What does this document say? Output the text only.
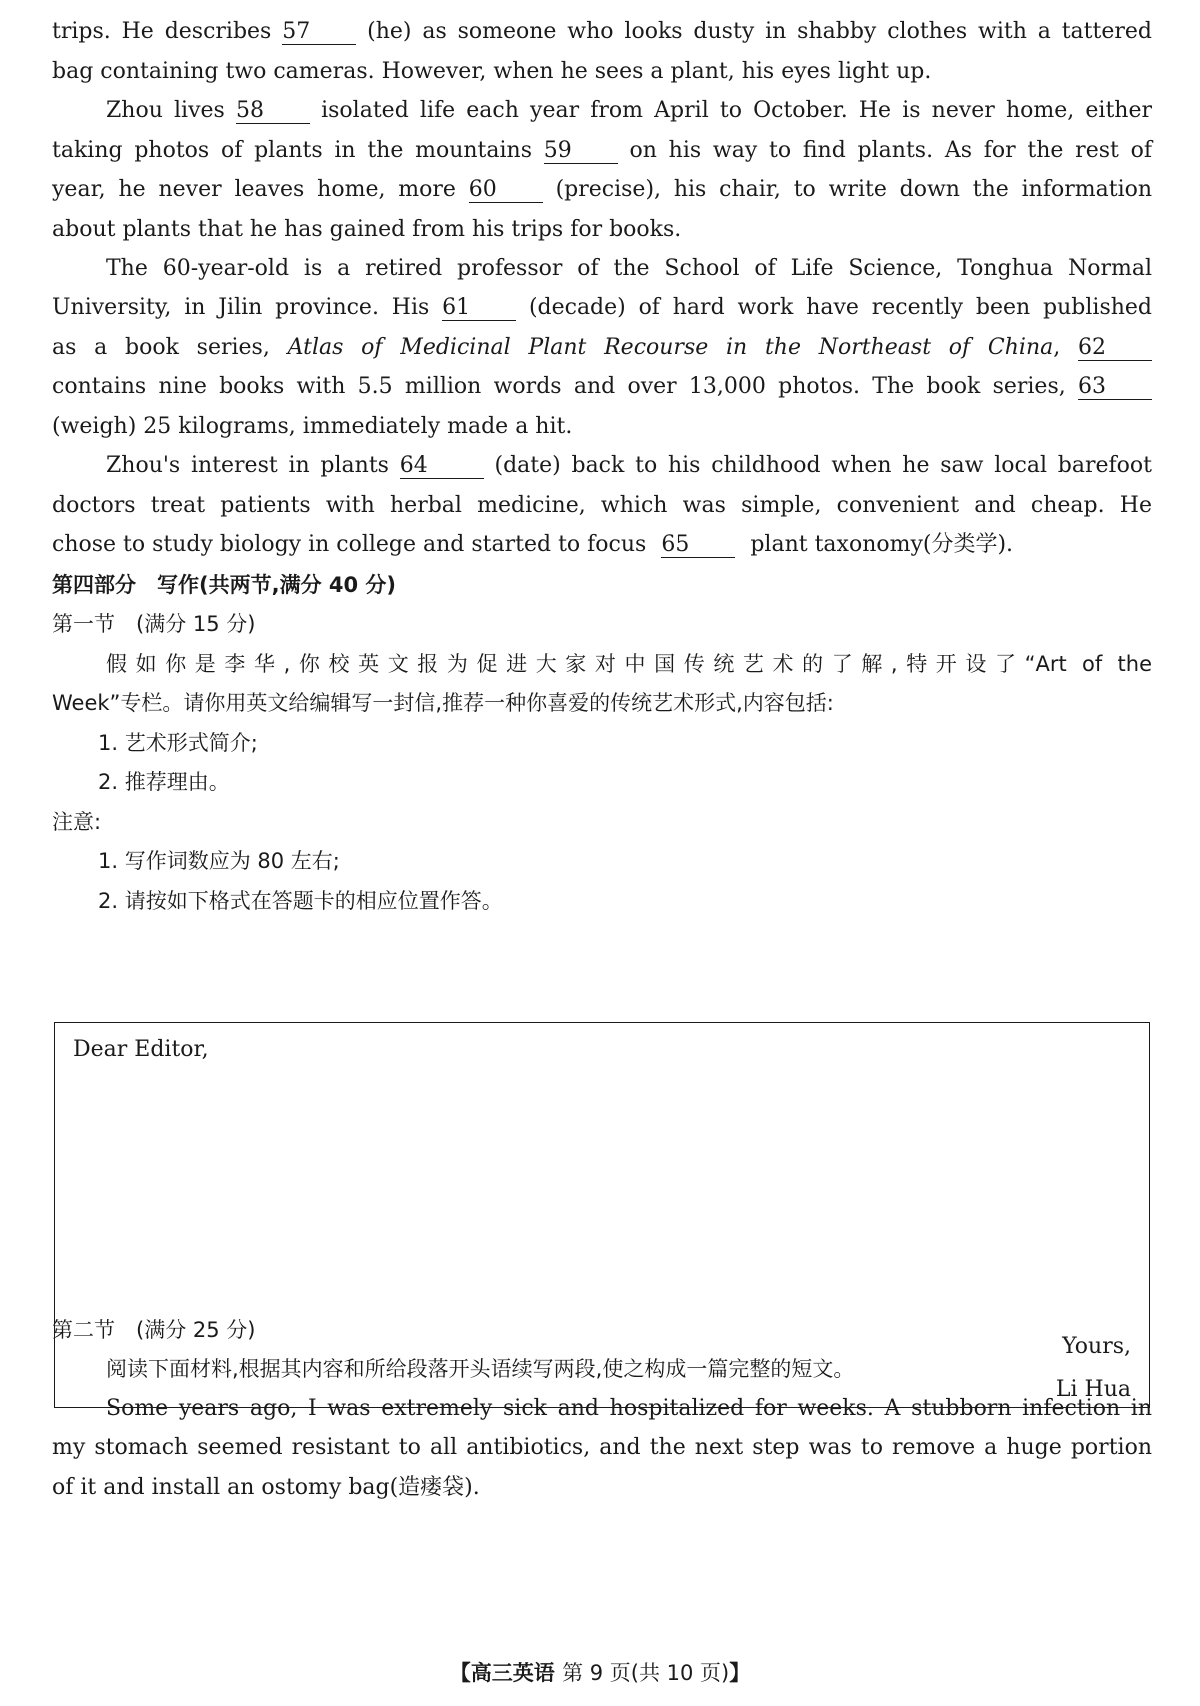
trips. He describes 57	(he) as someone who looks dusty in shabby clothes with a tattered
bag containing two cameras. However, when he sees a plant, his eyes light up.
Zhou lives 58	isolated life each year from April to October. He is never home, either
taking photos of plants in the mountains 59	on his way to find plants. As for the rest of
year, he never leaves home, more 60	(precise), his chair, to write down the information
about plants that he has gained from his trips for books.
The 60-year-old is a retired professor of the School of Life Science, Tonghua Normal
University, in Jilin province. His 61	(decade) of hard work have recently been published
as a book series, Atlas of Medicinal Plant Recourse in the Northeast of China, 62
contains nine books with 5.5 million words and over 13,000 photos. The book series, 63
(weigh) 25 kilograms, immediately made a hit.
Zhou's interest in plants 64	(date) back to his childhood when he saw local barefoot
doctors treat patients with herbal medicine, which was simple, convenient and cheap. He
chose to study biology in college and started to focus 65	plant taxonomy(分类学).
第四部分　写作(共两节,满分 40 分)
第一节　(满分 15 分)
假如你是李华,你校英文报为促进大家对中国传统艺术的了解,特开设了“Art of the
Week”专栏。请你用英文给编辑写一封信,推荐一种你喜爱的传统艺术形式,内容包括:
1. 艺术形式简介;
2. 推荐理由。
注意:
1. 写作词数应为 80 左右;
2. 请按如下格式在答题卡的相应位置作答。
Dear Editor,
Yours,
Li Hua
第二节　(满分 25 分)
阅读下面材料,根据其内容和所给段落开头语续写两段,使之构成一篇完整的短文。
Some years ago, I was extremely sick and hospitalized for weeks. A stubborn infection in
my stomach seemed resistant to all antibiotics, and the next step was to remove a huge portion
of it and install an ostomy bag(造瘘袋).
【高三英语 第 9 页(共 10 页)】
